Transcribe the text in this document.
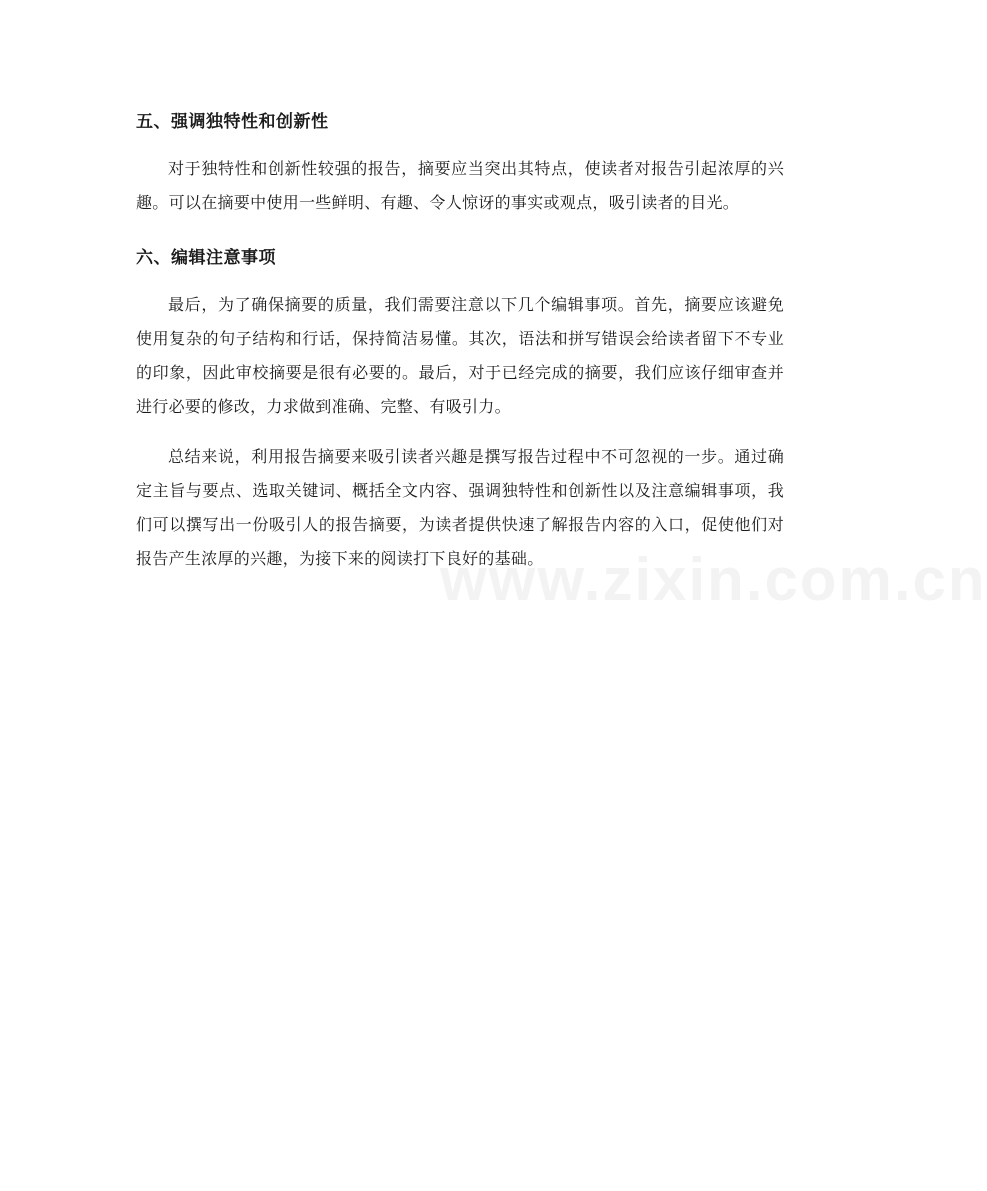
五、强调独特性和创新性

对于独特性和创新性较强的报告，摘要应当突出其特点，使读者对报告引起浓厚的兴趣。可以在摘要中使用一些鲜明、有趣、令人惊讶的事实或观点，吸引读者的目光。

六、编辑注意事项

最后，为了确保摘要的质量，我们需要注意以下几个编辑事项。首先，摘要应该避免使用复杂的句子结构和行话，保持简洁易懂。其次，语法和拼写错误会给读者留下不专业的印象，因此审校摘要是很有必要的。最后，对于已经完成的摘要，我们应该仔细审查并进行必要的修改，力求做到准确、完整、有吸引力。

总结来说，利用报告摘要来吸引读者兴趣是撰写报告过程中不可忽视的一步。通过确定主旨与要点、选取关键词、概括全文内容、强调独特性和创新性以及注意编辑事项，我们可以撰写出一份吸引人的报告摘要，为读者提供快速了解报告内容的入口，促使他们对报告产生浓厚的兴趣，为接下来的阅读打下良好的基础。

www.zixin.com.cn
